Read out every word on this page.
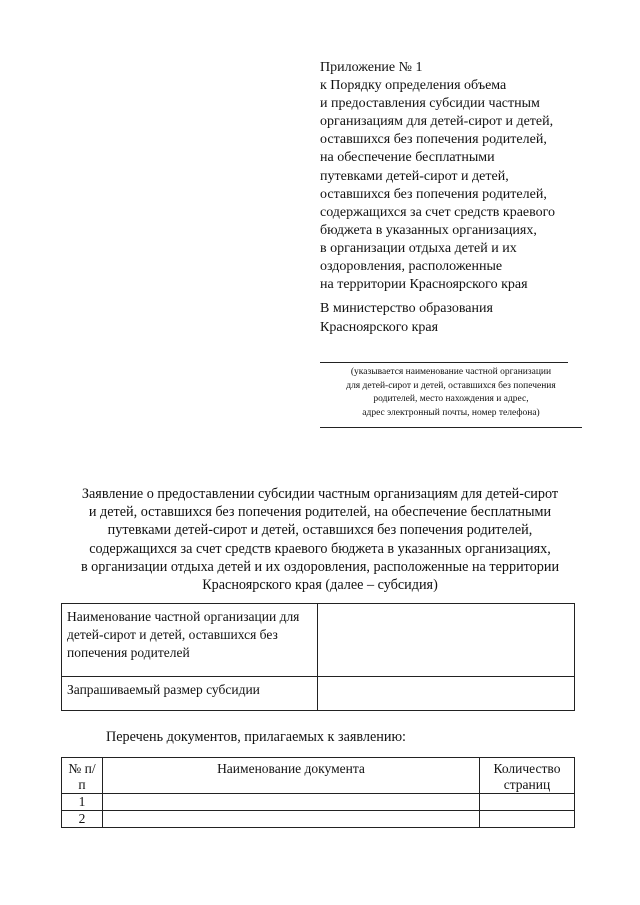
Приложение № 1
к Порядку определения объема
и предоставления субсидии частным
организациям для детей-сирот и детей,
оставшихся без попечения родителей,
на обеспечение бесплатными
путевками детей-сирот и детей,
оставшихся без попечения родителей,
содержащихся за счет средств краевого
бюджета в указанных организациях,
в организации отдыха детей и их
оздоровления, расположенные
на территории Красноярского края
В министерство образования
Красноярского края
(указывается наименование частной организации
для детей-сирот и детей, оставшихся без попечения
родителей, место нахождения и адрес,
адрес электронный почты, номер телефона)
Заявление о предоставлении субсидии частным организациям для детей-сирот
и детей, оставшихся без попечения родителей, на обеспечение бесплатными
путевками детей-сирот и детей, оставшихся без попечения родителей,
содержащихся за счет средств краевого бюджета в указанных организациях,
в организации отдыха детей и их оздоровления, расположенные на территории
Красноярского края (далее – субсидия)
Наименование частной организации для детей-сирот и детей, оставшихся без попечения родителей	
Запрашиваемый размер субсидии	
Перечень документов, прилагаемых к заявлению:
№ п/п	Наименование документа	Количество страниц
1		
2		
